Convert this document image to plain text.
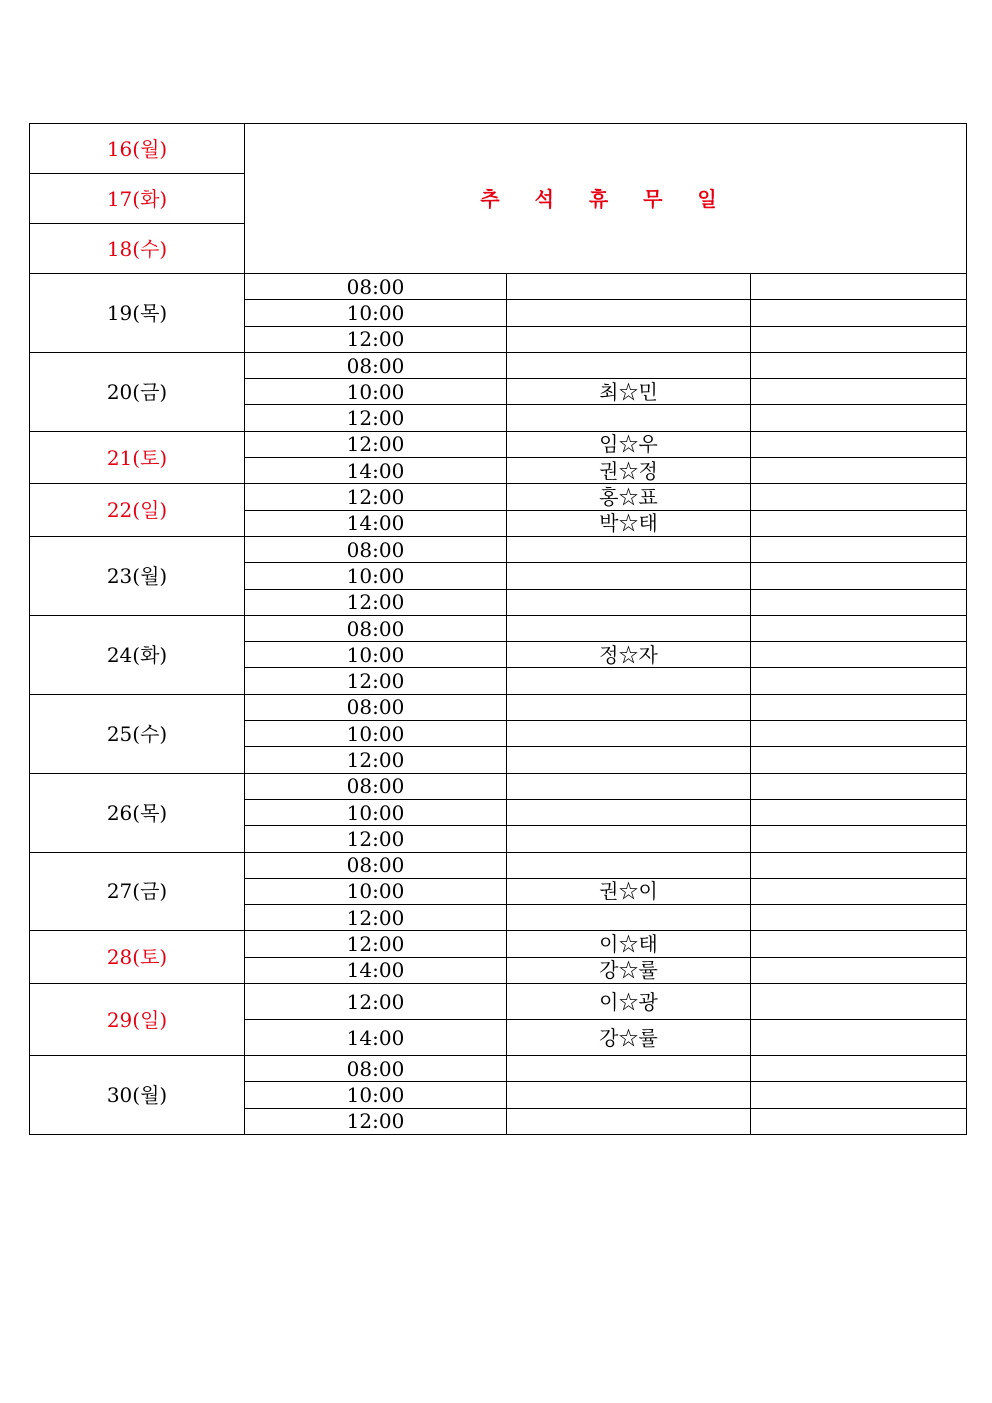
16(월)	추 석 휴 무 일		
17(화)			
18(수)			
19(목)	08:00		
	10:00		
	12:00		
20(금)	08:00		
	10:00	최☆민	
	12:00		
21(토)	12:00	임☆우	
	14:00	권☆정	
22(일)	12:00	홍☆표	
	14:00	박☆태	
23(월)	08:00		
	10:00		
	12:00		
24(화)	08:00		
	10:00	정☆자	
	12:00		
25(수)	08:00		
	10:00		
	12:00		
26(목)	08:00		
	10:00		
	12:00		
27(금)	08:00		
	10:00	권☆이	
	12:00		
28(토)	12:00	이☆태	
	14:00	강☆률	
29(일)	12:00	이☆광	
	14:00	강☆률	
30(월)	08:00		
	10:00		
	12:00		
